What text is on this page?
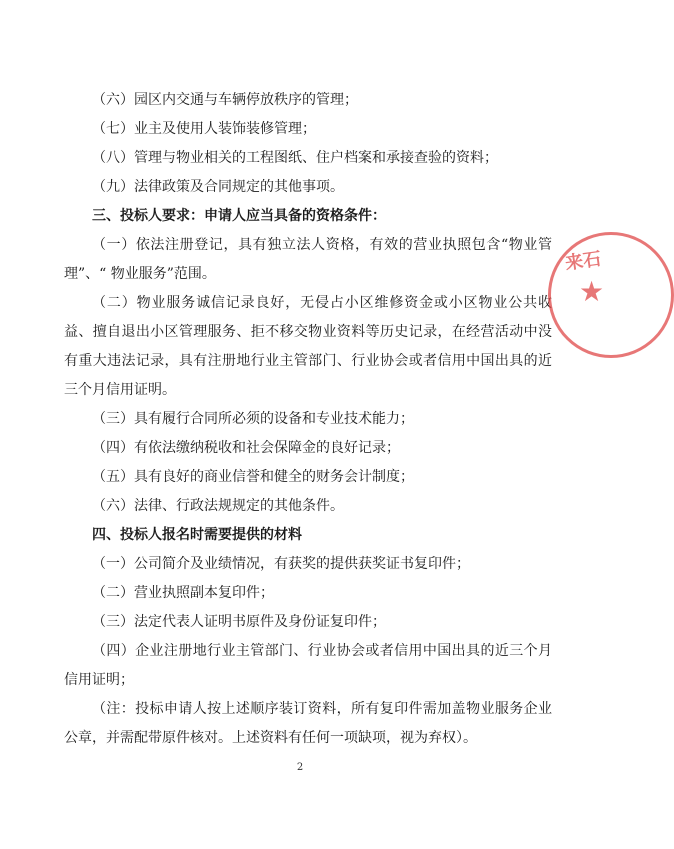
（六）园区内交通与车辆停放秩序的管理；

（七）业主及使用人装饰装修管理；

（八）管理与物业相关的工程图纸、住户档案和承接查验的资料；

（九）法律政策及合同规定的其他事项。

三、投标人要求：申请人应当具备的资格条件：

（一）依法注册登记，具有独立法人资格，有效的营业执照包含“物业管理”、“ 物业服务”范围。

（二）物业服务诚信记录良好，无侵占小区维修资金或小区物业公共收益、擅自退出小区管理服务、拒不移交物业资料等历史记录，在经营活动中没有重大违法记录，具有注册地行业主管部门、行业协会或者信用中国出具的近三个月信用证明。

（三）具有履行合同所必须的设备和专业技术能力；

（四）有依法缴纳税收和社会保障金的良好记录；

（五）具有良好的商业信誉和健全的财务会计制度；

（六）法律、行政法规规定的其他条件。

四、投标人报名时需要提供的材料

（一）公司简介及业绩情况，有获奖的提供获奖证书复印件；

（二）营业执照副本复印件；

（三）法定代表人证明书原件及身份证复印件；

（四）企业注册地行业主管部门、行业协会或者信用中国出具的近三个月信用证明；

（注：投标申请人按上述顺序装订资料，所有复印件需加盖物业服务企业公章，并需配带原件核对。上述资料有任何一项缺项，视为弃权）。

2
来石
★
